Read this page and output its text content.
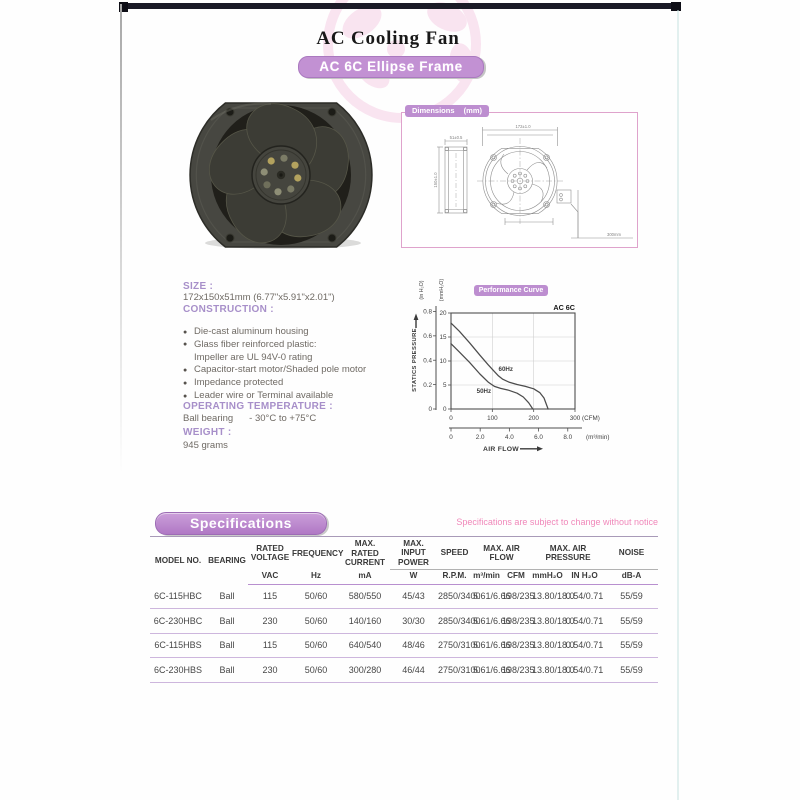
AC Cooling Fan
AC 6C Ellipse Frame
Dimensions (mm)
51±0.5
150±1.0
172±1.0
300mm
SIZE :
172x150x51mm (6.77"x5.91"x2.01")
CONSTRUCTION :
● Die-cast aluminum housing
● Glass fiber reinforced plastic:
Impeller are UL 94V-0 rating
● Capacitor-start motor/Shaded pole motor
● Impedance protected
● Leader wire or Terminal available
OPERATING TEMPERATURE :
Ball bearing - 30°C to +75°C
WEIGHT :
945 grams
0
5
10
15
20
0
0.2
0.4
0.6
0.8
0	100	200	300 (CFM)
0	2.0	4.0	6.0	8.0 (m³/min)
(in H₂O)	(mmH₂O)
STATICS PRESSURE
AC 6C
AIR FLOW
60Hz
50Hz
Performance Curve
Specifications	Specifications are subject to change without notice
MODEL NO.	BEARING	RATED VOLTAGE	FREQUENCY	MAX. RATED CURRENT	MAX. INPUT POWER	SPEED	MAX. AIR FLOW		MAX. AIR PRESSURE		NOISE
		VAC	Hz	mA	W	R.P.M.	m³/min	CFM	mmH₂O	IN H₂O	dB-A
6C-115HBC	Ball	115	50/60	580/550	45/43	2850/3400	5.61/6.66	198/235	13.80/18.0	0.54/0.71	55/59
6C-230HBC	Ball	230	50/60	140/160	30/30	2850/3400	5.61/6.66	198/235	13.80/18.0	0.54/0.71	55/59
6C-115HBS	Ball	115	50/60	640/540	48/46	2750/3100	5.61/6.66	198/235	13.80/18.0	0.54/0.71	55/59
6C-230HBS	Ball	230	50/60	300/280	46/44	2750/3100	5.61/6.66	198/235	13.80/18.0	0.54/0.71	55/59
